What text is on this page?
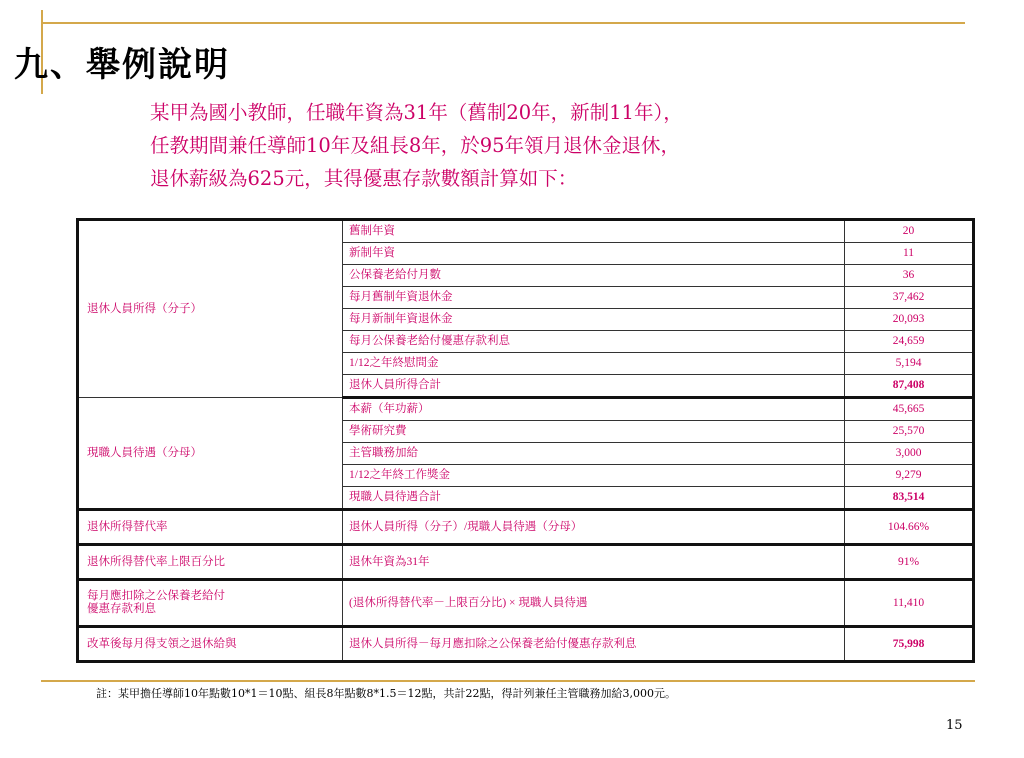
九、舉例說明
某甲為國小教師，任職年資為31年（舊制20年，新制11年），
任教期間兼任導師10年及組長8年，於95年領月退休金退休，
退休薪級為625元，其得優惠存款數額計算如下：
退休人員所得（分子）	舊制年資	20
	新制年資	11
	公保養老給付月數	36
	每月舊制年資退休金	37,462
	每月新制年資退休金	20,093
	每月公保養老給付優惠存款利息	24,659
	1/12之年終慰問金	5,194
	退休人員所得合計	87,408
現職人員待遇（分母）	本薪（年功薪）	45,665
	學術研究費	25,570
	主管職務加給	3,000
	1/12之年終工作獎金	9,279
	現職人員待遇合計	83,514
退休所得替代率	退休人員所得（分子）/現職人員待遇（分母）	104.66%
退休所得替代率上限百分比	退休年資為31年	91%

每月應扣除之公保養老給付
優惠存款利息	(退休所得替代率－上限百分比) × 現職人員待遇	11,410
改革後每月得支領之退休給與	退休人員所得－每月應扣除之公保養老給付優惠存款利息	75,998
註：某甲擔任導師10年點數10*1＝10點、組長8年點數8*1.5＝12點，共計22點，得計列兼任主管職務加給3,000元。
15
